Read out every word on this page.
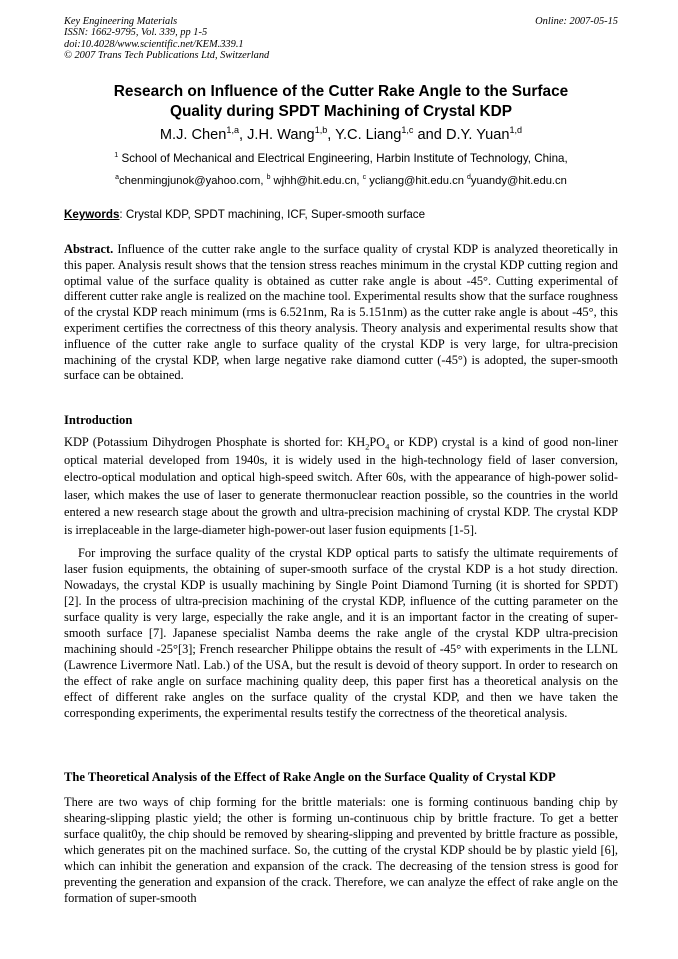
Key Engineering Materials
ISSN: 1662-9795, Vol. 339, pp 1-5
doi:10.4028/www.scientific.net/KEM.339.1
© 2007 Trans Tech Publications Ltd, Switzerland
Online: 2007-05-15
Research on Influence of the Cutter Rake Angle to the Surface
Quality during SPDT Machining of Crystal KDP
M.J. Chen$^{1,a}$, J.H. Wang$^{1,b}$, Y.C. Liang$^{1,c}$ and D.Y. Yuan$^{1,d}$
$^1$ School of Mechanical and Electrical Engineering, Harbin Institute of Technology, China,
$^a$chenmingjunok@yahoo.com, $^b$ wjhh@hit.edu.cn, $^c$ ycliang@hit.edu.cn $^d$yuandy@hit.edu.cn
Keywords: Crystal KDP, SPDT machining, ICF, Super-smooth surface
Abstract. Influence of the cutter rake angle to the surface quality of crystal KDP is analyzed theoretically in this paper. Analysis result shows that the tension stress reaches minimum in the crystal KDP cutting region and optimal value of the surface quality is obtained as cutter rake angle is about -45°. Cutting experimental of different cutter rake angle is realized on the machine tool. Experimental results show that the surface roughness of the crystal KDP reach minimum (rms is 6.521nm, Ra is 5.151nm) as the cutter rake angle is about -45°, this experiment certifies the correctness of this theory analysis. Theory analysis and experimental results show that influence of the cutter rake angle to surface quality of the crystal KDP is very large, for ultra-precision machining of the crystal KDP, when large negative rake diamond cutter (-45°) is adopted, the super-smooth surface can be obtained.
Introduction
KDP (Potassium Dihydrogen Phosphate is shorted for: $KH_2PO_4$ or KDP) crystal is a kind of good non-liner optical material developed from 1940s, it is widely used in the high-technology field of laser conversion, electro-optical modulation and optical high-speed switch. After 60s, with the appearance of high-power solid-laser, which makes the use of laser to generate thermonuclear reaction possible, so the countries in the world entered a new research stage about the growth and ultra-precision machining of crystal KDP. The crystal KDP is irreplaceable in the large-diameter high-power-out laser fusion equipments [1-5].
For improving the surface quality of the crystal KDP optical parts to satisfy the ultimate requirements of laser fusion equipments, the obtaining of super-smooth surface of the crystal KDP is a hot study direction. Nowadays, the crystal KDP is usually machining by Single Point Diamond Turning (it is shorted for SPDT) [2]. In the process of ultra-precision machining of the crystal KDP, influence of the cutting parameter on the surface quality is very large, especially the rake angle, and it is an important factor in the creating of super-smooth surface [7]. Japanese specialist Namba deems the rake angle of the crystal KDP ultra-precision machining should -25°[3]; French researcher Philippe obtains the result of -45° with experiments in the LLNL (Lawrence Livermore Natl. Lab.) of the USA, but the result is devoid of theory support. In order to research on the effect of rake angle on surface machining quality deep, this paper first has a theoretical analysis on the effect of different rake angles on the surface quality of the crystal KDP, and then we have taken the corresponding experiments, the experimental results testify the correctness of the theoretical analysis.
The Theoretical Analysis of the Effect of Rake Angle on the Surface Quality of Crystal KDP
There are two ways of chip forming for the brittle materials: one is forming continuous banding chip by shearing-slipping plastic yield; the other is forming un-continuous chip by brittle fracture. To get a better surface qualit0y, the chip should be removed by shearing-slipping and prevented by brittle fracture as possible, which generates pit on the machined surface. So, the cutting of the crystal KDP should be by plastic yield [6], which can inhibit the generation and expansion of the crack. The decreasing of the tension stress is good for preventing the generation and expansion of the crack. Therefore, we can analyze the effect of rake angle on the formation of super-smooth
